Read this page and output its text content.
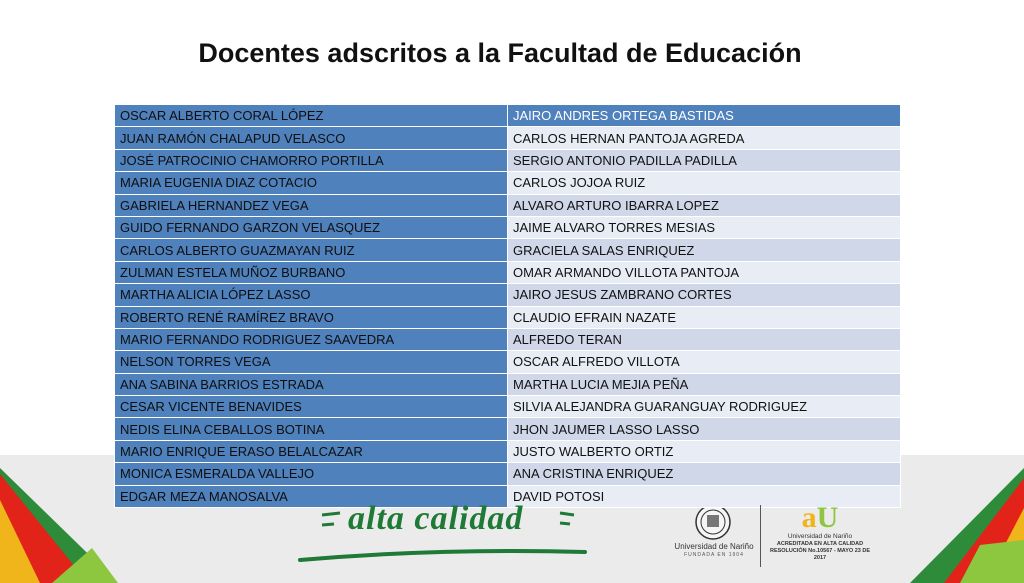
Docentes adscritos a la Facultad de Educación
OSCAR ALBERTO CORAL LÓPEZ	JAIRO ANDRES ORTEGA BASTIDAS
JUAN RAMÓN CHALAPUD VELASCO	CARLOS HERNAN PANTOJA AGREDA
JOSÉ PATROCINIO CHAMORRO PORTILLA	SERGIO ANTONIO PADILLA PADILLA
MARIA EUGENIA DIAZ COTACIO	CARLOS JOJOA RUIZ
GABRIELA HERNANDEZ VEGA	ALVARO ARTURO IBARRA LOPEZ
GUIDO FERNANDO GARZON VELASQUEZ	JAIME ALVARO TORRES MESIAS
CARLOS ALBERTO GUAZMAYAN RUIZ	GRACIELA SALAS ENRIQUEZ
ZULMAN ESTELA MUÑOZ BURBANO	OMAR ARMANDO VILLOTA PANTOJA
MARTHA ALICIA LÓPEZ LASSO	JAIRO JESUS ZAMBRANO CORTES
ROBERTO RENÉ RAMÍREZ BRAVO	CLAUDIO EFRAIN NAZATE
MARIO FERNANDO RODRIGUEZ SAAVEDRA	ALFREDO TERAN
NELSON TORRES VEGA	OSCAR ALFREDO VILLOTA
ANA SABINA BARRIOS ESTRADA	MARTHA LUCIA MEJIA PEÑA
CESAR VICENTE BENAVIDES	SILVIA ALEJANDRA GUARANGUAY RODRIGUEZ
NEDIS ELINA CEBALLOS BOTINA	JHON JAUMER LASSO LASSO
MARIO ENRIQUE ERASO BELALCAZAR	JUSTO WALBERTO ORTIZ
MONICA ESMERALDA VALLEJO	ANA CRISTINA ENRIQUEZ
EDGAR MEZA MANOSALVA	DAVID POTOSI
alta calidad
Universidad de Nariño
FUNDADA EN 1904
aU
Universidad de Nariño
ACREDITADA EN ALTA CALIDAD
RESOLUCIÓN No.10567 - MAYO 23 DE 2017
